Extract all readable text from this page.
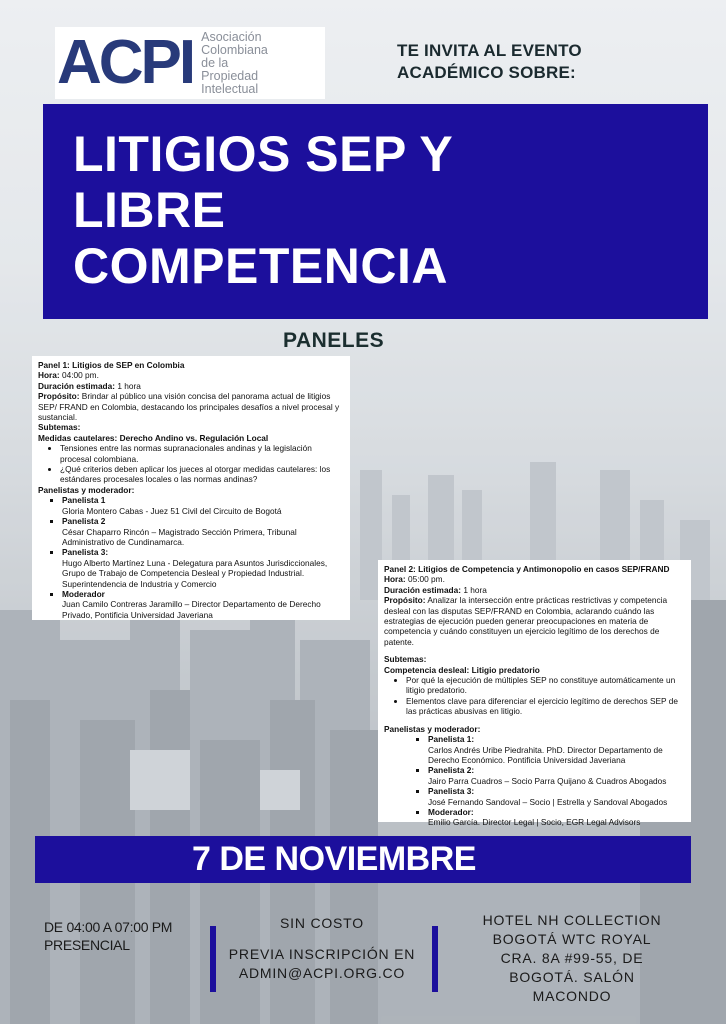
ACPI Asociación
Colombiana
de la
Propiedad
Intelectual
TE INVITA AL EVENTO
ACADÉMICO SOBRE:
LITIGIOS SEP Y
LIBRE
COMPETENCIA
PANELES
Panel 1: Litigios de SEP en Colombia
Hora: 04:00 pm.
Duración estimada: 1 hora
Propósito: Brindar al público una visión concisa del panorama actual de litigios SEP/ FRAND en Colombia, destacando los principales desafíos a nivel procesal y sustancial.
Subtemas:
Medidas cautelares: Derecho Andino vs. Regulación Local
• Tensiones entre las normas supranacionales andinas y la legislación procesal colombiana.
• ¿Qué criterios deben aplicar los jueces al otorgar medidas cautelares: los estándares procesales locales o las normas andinas?
Panelistas y moderador:
▪ Panelista 1
Gloria Montero Cabas - Juez 51 Civil del Circuito de Bogotá
▪ Panelista 2
César Chaparro Rincón – Magistrado Sección Primera, Tribunal Administrativo de Cundinamarca.
▪ Panelista 3:
Hugo Alberto Martínez Luna - Delegatura para Asuntos Jurisdiccionales, Grupo de Trabajo de Competencia Desleal y Propiedad Industrial. Superintendencia de Industria y Comercio
▪ Moderador
Juan Camilo Contreras Jaramillo – Director Departamento de Derecho Privado, Pontificia Universidad Javeriana
Panel 2: Litigios de Competencia y Antimonopolio en casos SEP/FRAND
Hora: 05:00 pm.
Duración estimada: 1 hora
Propósito: Analizar la intersección entre prácticas restrictivas y competencia desleal con las disputas SEP/FRAND en Colombia, aclarando cuándo las estrategias de ejecución pueden generar preocupaciones en materia de competencia y cuándo constituyen un ejercicio legítimo de los derechos de patente.
Subtemas:
Competencia desleal: Litigio predatorio
• Por qué la ejecución de múltiples SEP no constituye automáticamente un litigio predatorio.
• Elementos clave para diferenciar el ejercicio legítimo de derechos SEP de las prácticas abusivas en litigio.
Panelistas y moderador:
▪ Panelista 1:
Carlos Andrés Uribe Piedrahita. PhD. Director Departamento de Derecho Económico. Pontificia Universidad Javeriana
▪ Panelista 2:
Jairo Parra Cuadros – Socio Parra Quijano & Cuadros Abogados
▪ Panelista 3:
José Fernando Sandoval – Socio | Estrella y Sandoval Abogados
▪ Moderador:
Emilio García. Director Legal | Socio, EGR Legal Advisors
7 DE NOVIEMBRE
DE 04:00 A 07:00 PM
PRESENCIAL
SIN COSTO
PREVIA INSCRIPCIÓN EN
ADMIN@ACPI.ORG.CO
HOTEL NH COLLECTION
BOGOTÁ WTC ROYAL
CRA. 8A #99-55, DE
BOGOTÁ. SALÓN
MACONDO
